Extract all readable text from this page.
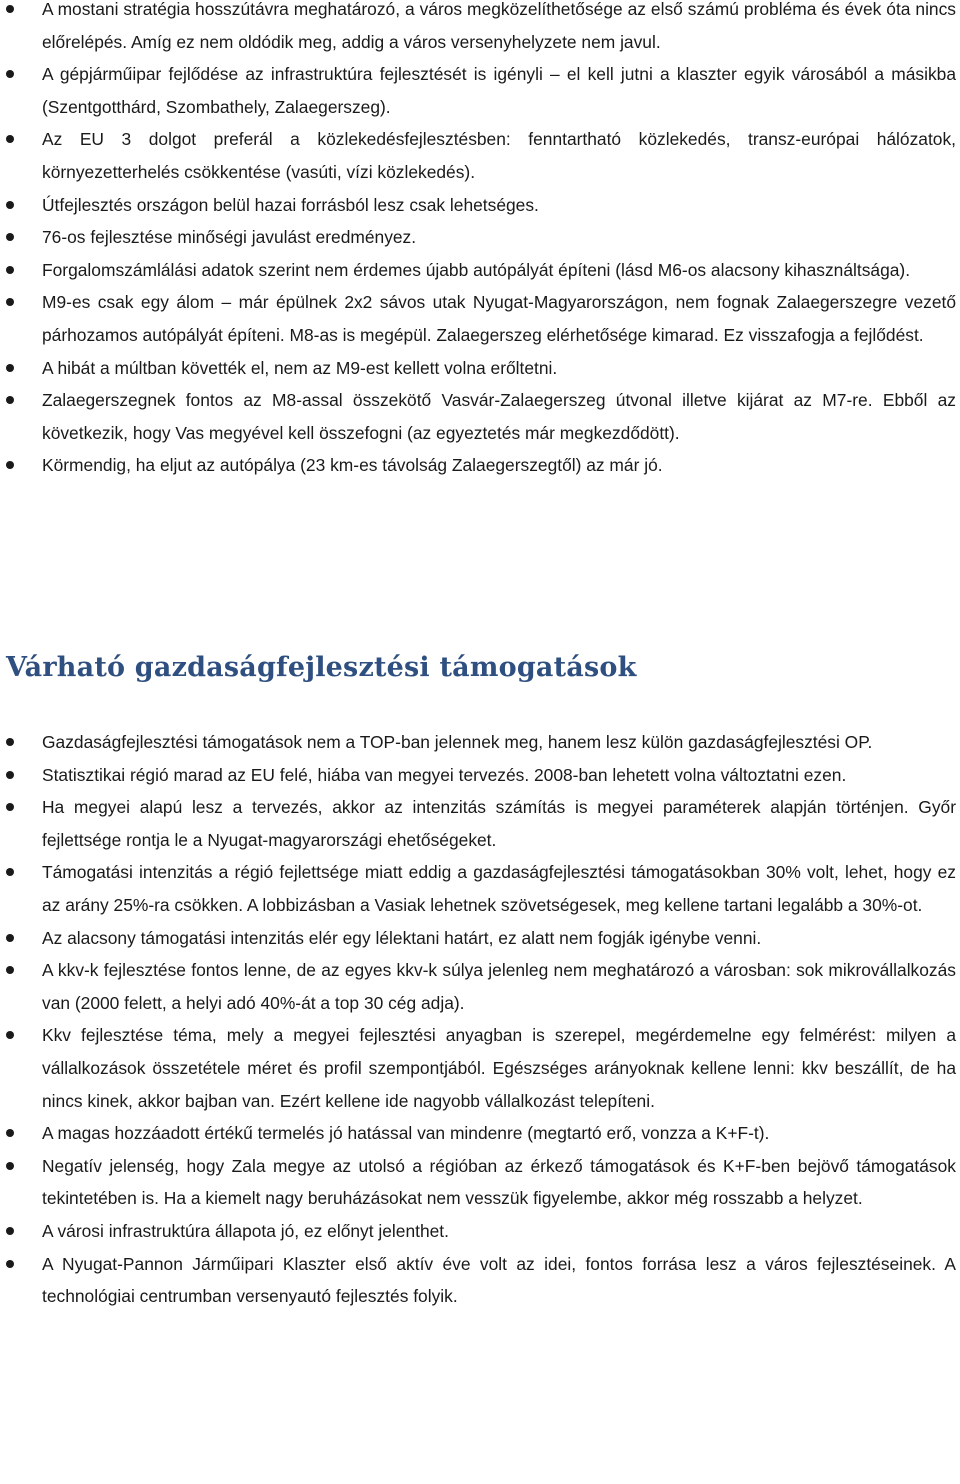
A mostani stratégia hosszútávra meghatározó, a város megközelíthetősége az első számú probléma és évek óta nincs előrelépés. Amíg ez nem oldódik meg, addig a város versenyhelyzete nem javul.
A gépjárműipar fejlődése az infrastruktúra fejlesztését is igényli – el kell jutni a klaszter egyik városából a másikba (Szentgotthárd, Szombathely, Zalaegerszeg).
Az EU 3 dolgot preferál a közlekedésfejlesztésben: fenntartható közlekedés, transz-európai hálózatok, környezetterhelés csökkentése (vasúti, vízi közlekedés).
Útfejlesztés országon belül hazai forrásból lesz csak lehetséges.
76-os fejlesztése minőségi javulást eredményez.
Forgalomszámlálási adatok szerint nem érdemes újabb autópályát építeni (lásd M6-os alacsony kihasználtsága).
M9-es csak egy álom – már épülnek 2x2 sávos utak Nyugat-Magyarországon, nem fognak Zalaegerszegre vezető párhozamos autópályát építeni. M8-as is megépül. Zalaegerszeg elérhetősége kimarad. Ez visszafogja a fejlődést.
A hibát a múltban követték el, nem az M9-est kellett volna erőltetni.
Zalaegerszegnek fontos az M8-assal összekötő Vasvár-Zalaegerszeg útvonal illetve kijárat az M7-re. Ebből az következik, hogy Vas megyével kell összefogni (az egyeztetés már megkezdődött).
Körmendig, ha eljut az autópálya (23 km-es távolság Zalaegerszegtől) az már jó.
Várható gazdaságfejlesztési támogatások
Gazdaságfejlesztési támogatások nem a TOP-ban jelennek meg, hanem lesz külön gazdaságfejlesztési OP.
Statisztikai régió marad az EU felé, hiába van megyei tervezés. 2008-ban lehetett volna változtatni ezen.
Ha megyei alapú lesz a tervezés, akkor az intenzitás számítás is megyei paraméterek alapján történjen. Győr fejlettsége rontja le a Nyugat-magyarországi ehetőségeket.
Támogatási intenzitás a régió fejlettsége miatt eddig a gazdaságfejlesztési támogatásokban 30% volt, lehet, hogy ez az arány 25%-ra csökken. A lobbizásban a Vasiak lehetnek szövetségesek, meg kellene tartani legalább a 30%-ot.
Az alacsony támogatási intenzitás elér egy lélektani határt, ez alatt nem fogják igénybe venni.
A kkv-k fejlesztése fontos lenne, de az egyes kkv-k súlya jelenleg nem meghatározó a városban: sok mikrovállalkozás van (2000 felett, a helyi adó 40%-át a top 30 cég adja).
Kkv fejlesztése téma, mely a megyei fejlesztési anyagban is szerepel, megérdemelne egy felmérést: milyen a vállalkozások összetétele méret és profil szempontjából. Egészséges arányoknak kellene lenni: kkv beszállít, de ha nincs kinek, akkor bajban van. Ezért kellene ide nagyobb vállalkozást telepíteni.
A magas hozzáadott értékű termelés jó hatással van mindenre (megtartó erő, vonzza a K+F-t).
Negatív jelenség, hogy Zala megye az utolsó a régióban az érkező támogatások és K+F-ben bejövő támogatások tekintetében is. Ha a kiemelt nagy beruházásokat nem vesszük figyelembe, akkor még rosszabb a helyzet.
A városi infrastruktúra állapota jó, ez előnyt jelenthet.
A Nyugat-Pannon Járműipari Klaszter első aktív éve volt az idei, fontos forrása lesz a város fejlesztéseinek. A technológiai centrumban versenyautó fejlesztés folyik.
